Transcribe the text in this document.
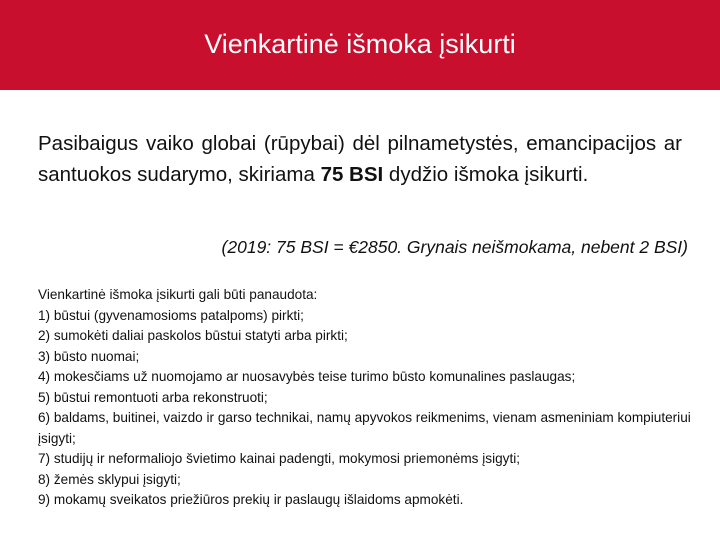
Vienkartinė išmoka įsikurti

Pasibaigus vaiko globai (rūpybai) dėl pilnametystės, emancipacijos ar santuokos sudarymo, skiriama 75 BSI dydžio išmoka įsikurti.

(2019: 75 BSI = €2850. Grynais neišmokama, nebent 2 BSI)

Vienkartinė išmoka įsikurti gali būti panaudota:

1) būstui (gyvenamosioms patalpoms) pirkti;
2) sumokėti daliai paskolos būstui statyti arba pirkti;
3) būsto nuomai;
4) mokesčiams už nuomojamo ar nuosavybės teise turimo būsto komunalines paslaugas;
5) būstui remontuoti arba rekonstruoti;
6) baldams, buitinei, vaizdo ir garso technikai, namų apyvokos reikmenims, vienam asmeniniam kompiuteriui įsigyti;
7) studijų ir neformaliojo švietimo kainai padengti, mokymosi priemonėms įsigyti;
8) žemės sklypui įsigyti;
9) mokamų sveikatos priežiūros prekių ir paslaugų išlaidoms apmokėti.
